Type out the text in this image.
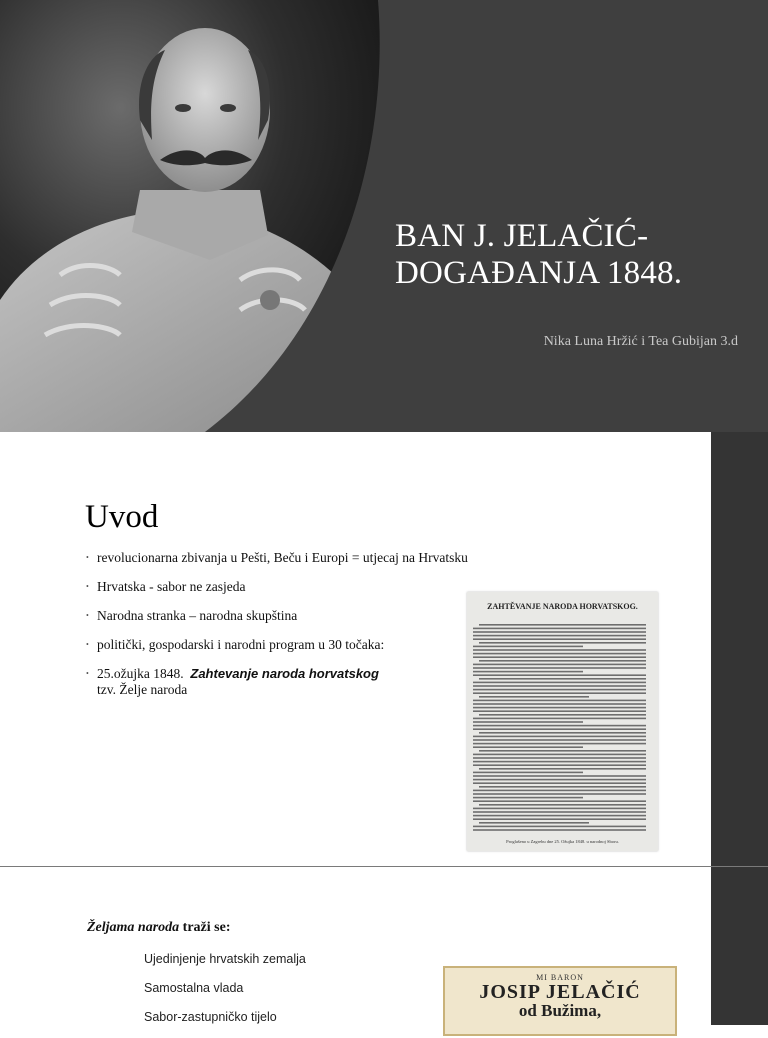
BAN J. JELAČIĆ-
DOGAĐANJA 1848.
Nika Luna Hržić i Tea Gubijan 3.d
Uvod
• revolucionarna zbivanja u Pešti, Beču i Europi = utjecaj na Hrvatsku
• Hrvatska - sabor ne zasjeda
• Narodna stranka – narodna skupština
• politički, gospodarski i narodni program u 30 točaka:
• 25.ožujka 1848. Zahtevanje naroda horvatskog
tzv. Želje naroda
ZAHTĚVANJE NARODA HORVATSKOG.
Proglašeno u Zagrebu dne 25. Ožujka 1848. u narodnoj Sboru.
Željama naroda traži se:
Ujedinjenje hrvatskih zemalja
Samostalna vlada
Sabor-zastupničko tijelo
MI BARON
JOSIP JELAČIĆ
od Bužima,
